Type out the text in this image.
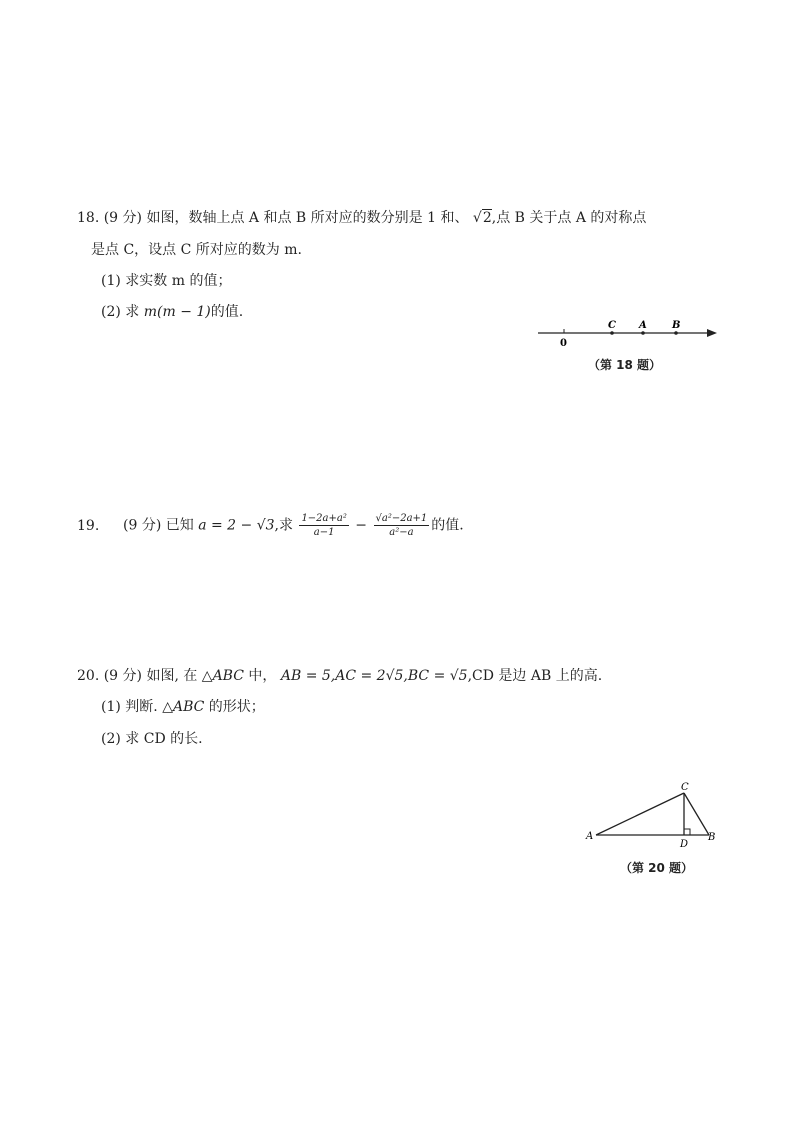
18. (9 分) 如图，数轴上点 A 和点 B 所对应的数分别是 1 和、 √2,点 B 关于点 A 的对称点
是点 C，设点 C 所对应的数为 m.
(1) 求实数 m 的值；
(2) 求 m(m − 1)的值.
C A	B
0
（第 18 题）
19. (9 分) 已知 a = 2 − √3,求 $\frac{\text{1−2a+a²}}{a-1} - \frac{\text{√a²−2a+1}}{\text{a²−a}}$ 的值.
20. (9 分) 如图, 在 △ABC 中， AB = 5,AC = 2√5,BC = √5,CD 是边 AB 上的高.
(1) 判断. △ABC 的形状；
(2) 求 CD 的长.
A	B
C
D
（第 20 题）
